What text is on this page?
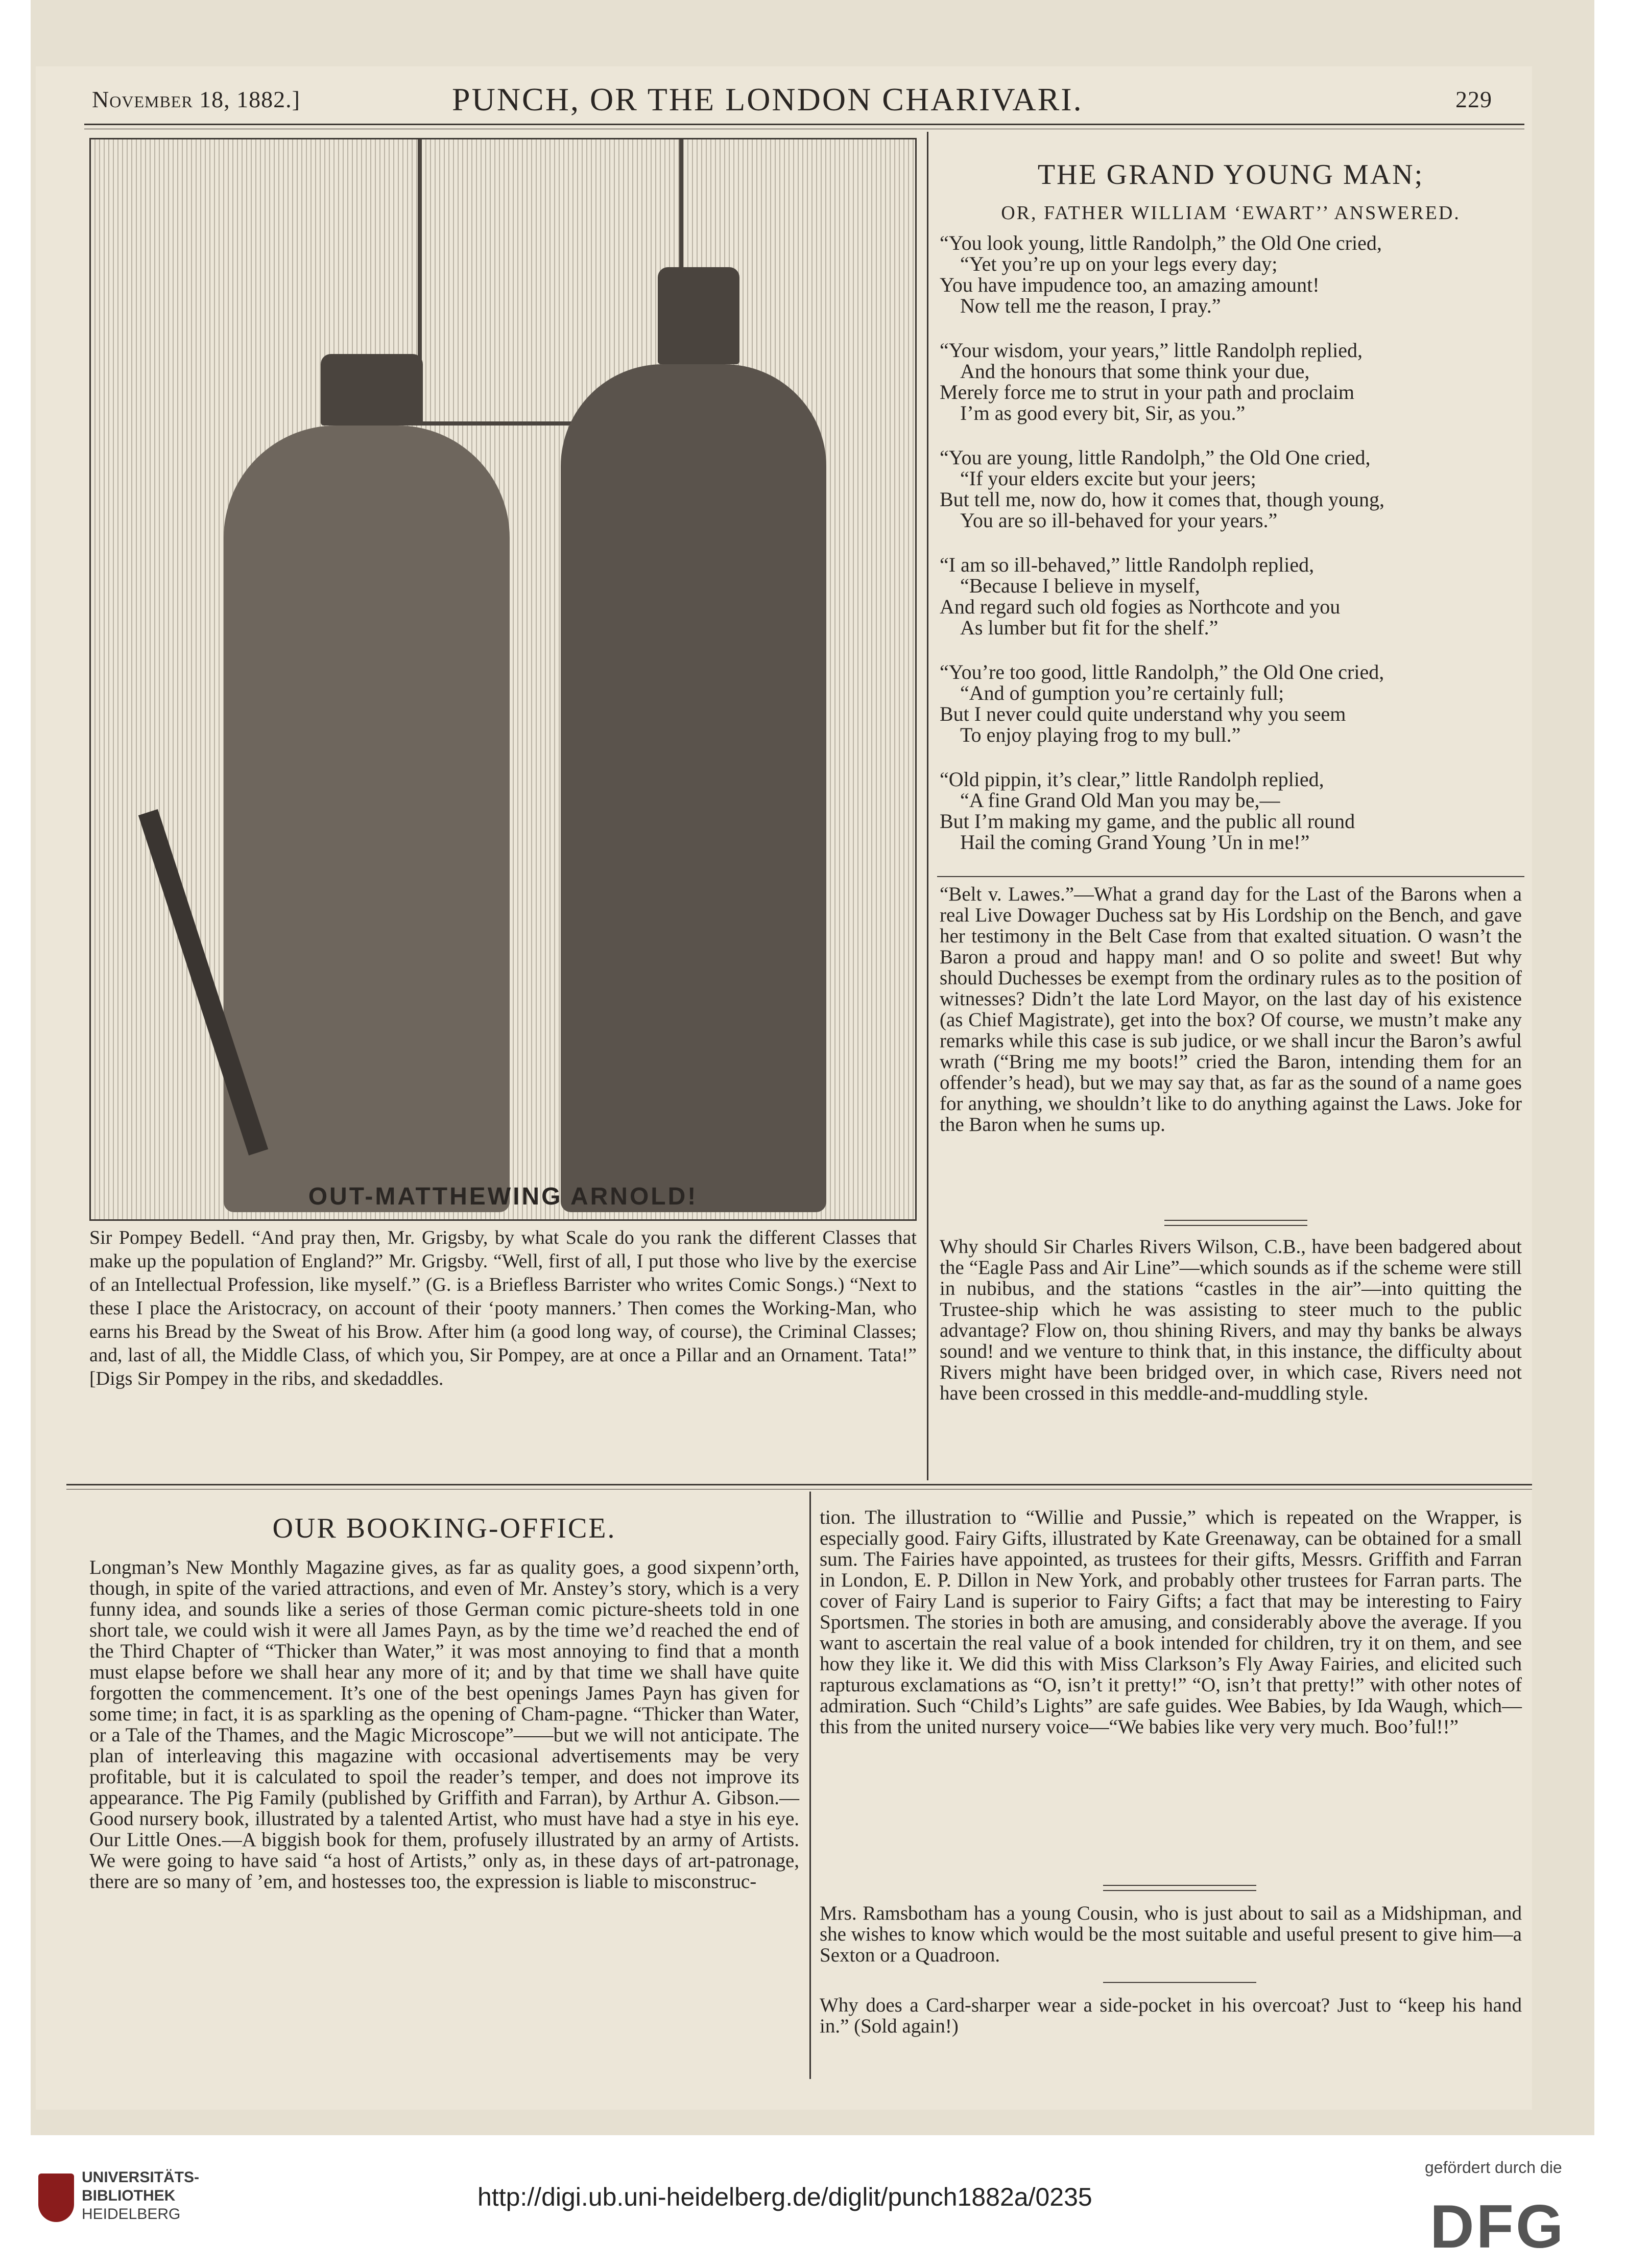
November 18, 1882.]	PUNCH, OR THE LONDON CHARIVARI.	229
OUT-MATTHEWING ARNOLD!
Sir Pompey Bedell. “And pray then, Mr. Grigsby, by what Scale do you rank the different Classes that make up the population of England?” Mr. Grigsby. “Well, first of all, I put those who live by the exercise of an Intellectual Profession, like myself.” (G. is a Briefless Barrister who writes Comic Songs.) “Next to these I place the Aristocracy, on account of their ‘pooty manners.’ Then comes the Working-Man, who earns his Bread by the Sweat of his Brow. After him (a good long way, of course), the Criminal Classes; and, last of all, the Middle Class, of which you, Sir Pompey, are at once a Pillar and an Ornament. Tata!” [Digs Sir Pompey in the ribs, and skedaddles.
THE GRAND YOUNG MAN;
OR, FATHER WILLIAM ‘EWART’’ ANSWERED.
“You look young, little Randolph,” the Old One cried,
“Yet you’re up on your legs every day;
You have impudence too, an amazing amount!
Now tell me the reason, I pray.”
“Your wisdom, your years,” little Randolph replied,
And the honours that some think your due,
Merely force me to strut in your path and proclaim
I’m as good every bit, Sir, as you.”
“You are young, little Randolph,” the Old One cried,
“If your elders excite but your jeers;
But tell me, now do, how it comes that, though young,
You are so ill-behaved for your years.”
“I am so ill-behaved,” little Randolph replied,
“Because I believe in myself,
And regard such old fogies as Northcote and you
As lumber but fit for the shelf.”
“You’re too good, little Randolph,” the Old One cried,
“And of gumption you’re certainly full;
But I never could quite understand why you seem
To enjoy playing frog to my bull.”
“Old pippin, it’s clear,” little Randolph replied,
“A fine Grand Old Man you may be,—
But I’m making my game, and the public all round
Hail the coming Grand Young ’Un in me!”
“Belt v. Lawes.”—What a grand day for the Last of the Barons when a real Live Dowager Duchess sat by His Lordship on the Bench, and gave her testimony in the Belt Case from that exalted situation. O wasn’t the Baron a proud and happy man! and O so polite and sweet! But why should Duchesses be exempt from the ordinary rules as to the position of witnesses? Didn’t the late Lord Mayor, on the last day of his existence (as Chief Magistrate), get into the box? Of course, we mustn’t make any remarks while this case is sub judice, or we shall incur the Baron’s awful wrath (“Bring me my boots!” cried the Baron, intending them for an offender’s head), but we may say that, as far as the sound of a name goes for anything, we shouldn’t like to do anything against the Laws. Joke for the Baron when he sums up.
Why should Sir Charles Rivers Wilson, C.B., have been badgered about the “Eagle Pass and Air Line”—which sounds as if the scheme were still in nubibus, and the stations “castles in the air”—into quitting the Trustee-ship which he was assisting to steer much to the public advantage? Flow on, thou shining Rivers, and may thy banks be always sound! and we venture to think that, in this instance, the difficulty about Rivers might have been bridged over, in which case, Rivers need not have been crossed in this meddle-and-muddling style.
OUR BOOKING-OFFICE.
Longman’s New Monthly Magazine gives, as far as quality goes, a good sixpenn’orth, though, in spite of the varied attractions, and even of Mr. Anstey’s story, which is a very funny idea, and sounds like a series of those German comic picture-sheets told in one short tale, we could wish it were all James Payn, as by the time we’d reached the end of the Third Chapter of “Thicker than Water,” it was most annoying to find that a month must elapse before we shall hear any more of it; and by that time we shall have quite forgotten the commencement. It’s one of the best openings James Payn has given for some time; in fact, it is as sparkling as the opening of Cham-pagne. “Thicker than Water, or a Tale of the Thames, and the Magic Microscope”——but we will not anticipate. The plan of interleaving this magazine with occasional advertisements may be very profitable, but it is calculated to spoil the reader’s temper, and does not improve its appearance. The Pig Family (published by Griffith and Farran), by Arthur A. Gibson.—Good nursery book, illustrated by a talented Artist, who must have had a stye in his eye. Our Little Ones.—A biggish book for them, profusely illustrated by an army of Artists. We were going to have said “a host of Artists,” only as, in these days of art-patronage, there are so many of ’em, and hostesses too, the expression is liable to misconstruc-
tion. The illustration to “Willie and Pussie,” which is repeated on the Wrapper, is especially good. Fairy Gifts, illustrated by Kate Greenaway, can be obtained for a small sum. The Fairies have appointed, as trustees for their gifts, Messrs. Griffith and Farran in London, E. P. Dillon in New York, and probably other trustees for Farran parts. The cover of Fairy Land is superior to Fairy Gifts; a fact that may be interesting to Fairy Sportsmen. The stories in both are amusing, and considerably above the average. If you want to ascertain the real value of a book intended for children, try it on them, and see how they like it. We did this with Miss Clarkson’s Fly Away Fairies, and elicited such rapturous exclamations as “O, isn’t it pretty!” “O, isn’t that pretty!” with other notes of admiration. Such “Child’s Lights” are safe guides. Wee Babies, by Ida Waugh, which—this from the united nursery voice—“We babies like very very much. Boo’ful!!”
Mrs. Ramsbotham has a young Cousin, who is just about to sail as a Midshipman, and she wishes to know which would be the most suitable and useful present to give him—a Sexton or a Quadroon.
Why does a Card-sharper wear a side-pocket in his overcoat? Just to “keep his hand in.” (Sold again!)
UNIVERSITÄTS-
BIBLIOTHEK
HEIDELBERG
http://digi.ub.uni-heidelberg.de/diglit/punch1882a/0235
gefördert durch die
DFG
